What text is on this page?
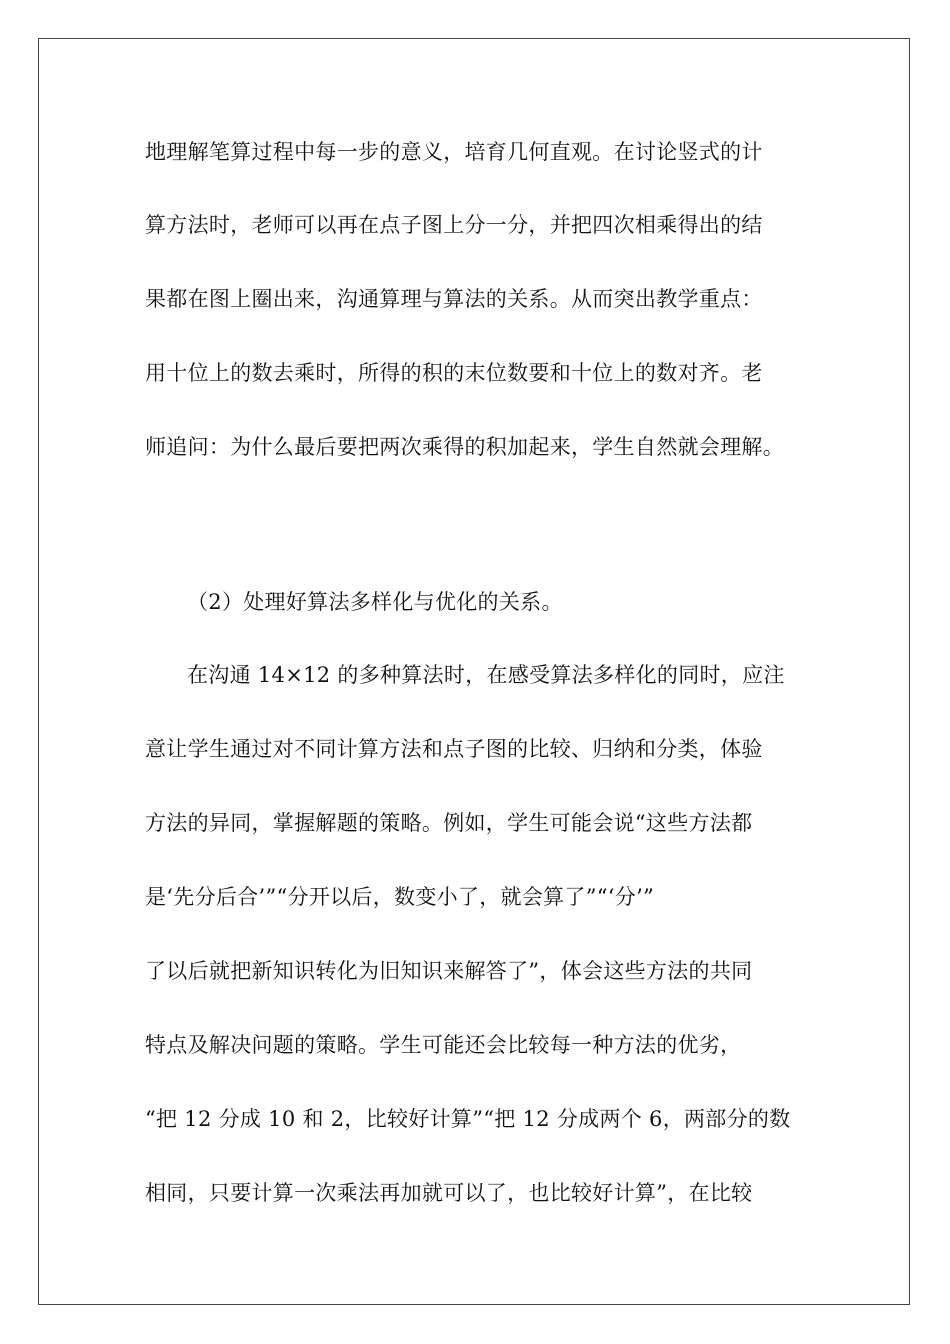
地理解笔算过程中每一步的意义，培育几何直观。在讨论竖式的计
算方法时，老师可以再在点子图上分一分，并把四次相乘得出的结
果都在图上圈出来，沟通算理与算法的关系。从而突出教学重点：
用十位上的数去乘时，所得的积的末位数要和十位上的数对齐。老
师追问：为什么最后要把两次乘得的积加起来，学生自然就会理解。
（2）处理好算法多样化与优化的关系。
在沟通 14×12 的多种算法时，在感受算法多样化的同时，应注
意让学生通过对不同计算方法和点子图的比较、归纳和分类，体验
方法的异同，掌握解题的策略。例如，学生可能会说“这些方法都
是‘先分后合’”“分开以后，数变小了，就会算了”“‘分’”
了以后就把新知识转化为旧知识来解答了”，体会这些方法的共同
特点及解决问题的策略。学生可能还会比较每一种方法的优劣，
“把 12 分成 10 和 2，比较好计算”“把 12 分成两个 6，两部分的数
相同，只要计算一次乘法再加就可以了，也比较好计算”，在比较
